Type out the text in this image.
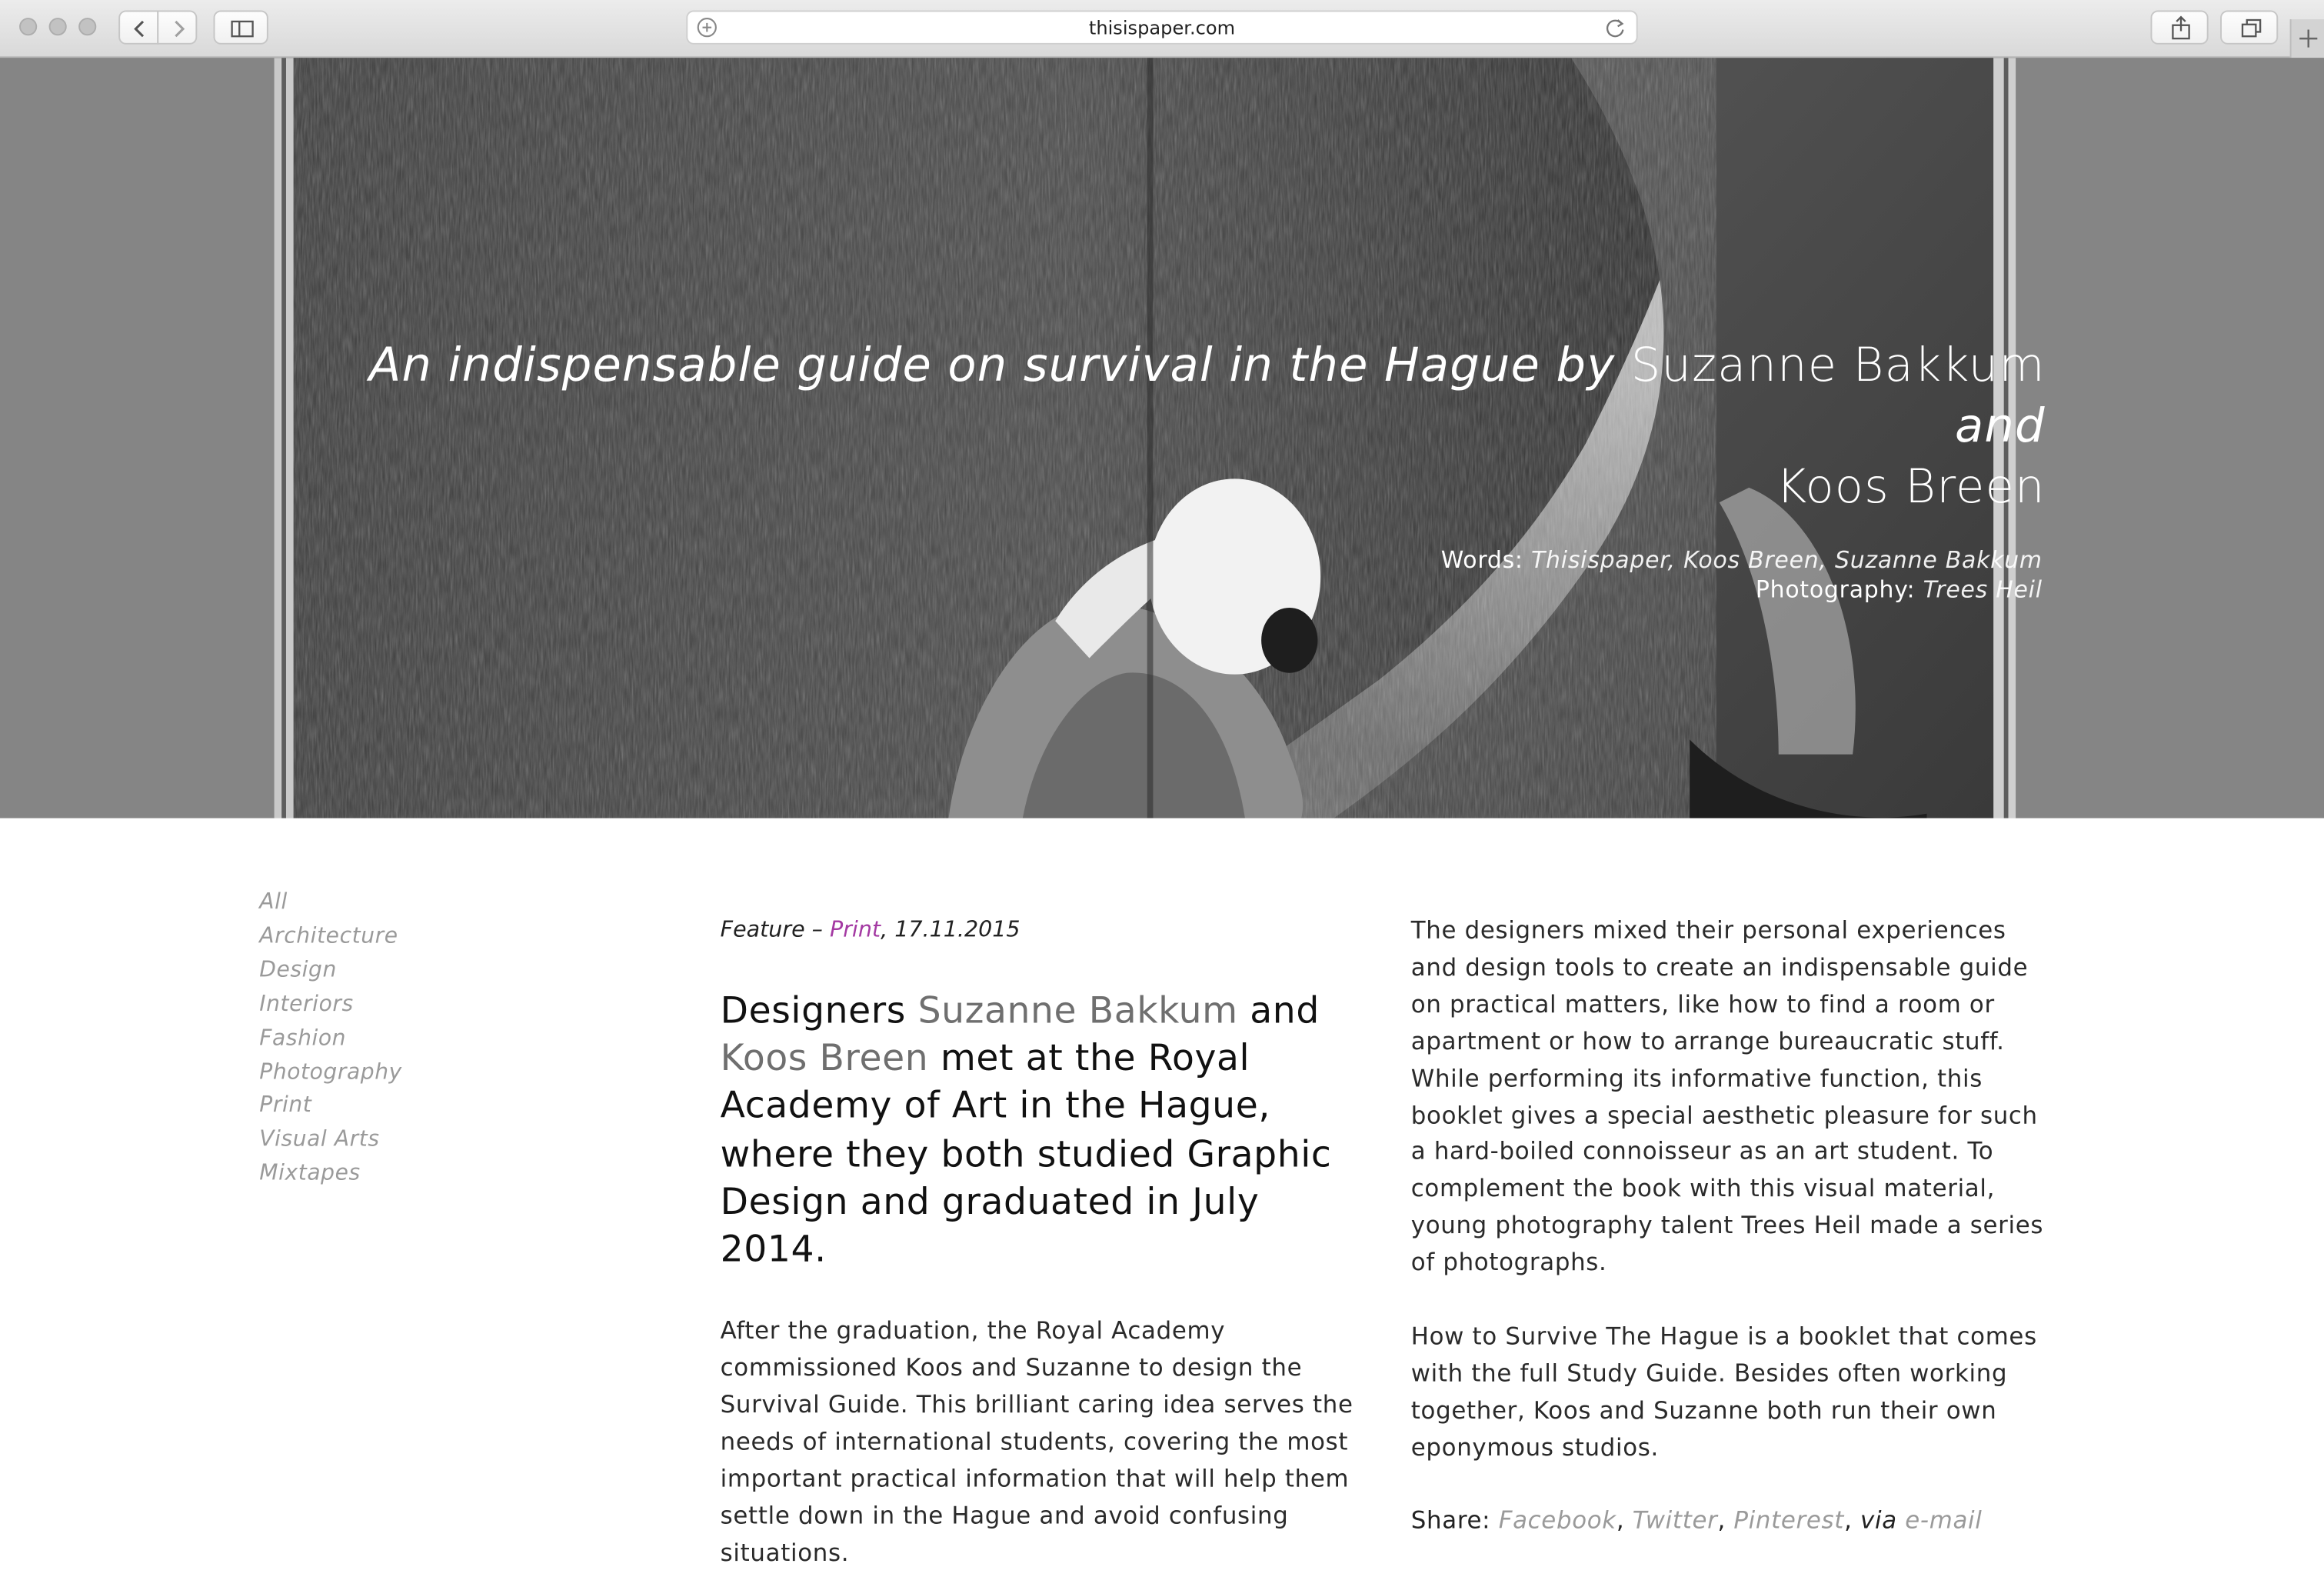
thisispaper.com
An indispensable guide on survival in the Hague by Suzanne Bakkum and
Koos Breen
Words: Thisispaper, Koos Breen, Suzanne Bakkum
Photography: Trees Heil
All
Architecture
Design
Interiors
Fashion
Photography
Print
Visual Arts
Mixtapes

Feature – Print, 17.11.2015

Designers Suzanne Bakkum and Koos Breen met at the Royal Academy of Art in the Hague, where they both studied Graphic Design and graduated in July 2014.

After the graduation, the Royal Academy commissioned Koos and Suzanne to design the Survival Guide. This brilliant caring idea serves the needs of international students, covering the most important practical information that will help them settle down in the Hague and avoid confusing situations.

The designers mixed their personal experiences and design tools to create an indispensable guide on practical matters, like how to find a room or apartment or how to arrange bureaucratic stuff. While performing its informative function, this booklet gives a special aesthetic pleasure for such a hard-boiled connoisseur as an art student. To complement the book with this visual material, young photography talent Trees Heil made a series of photographs.

How to Survive The Hague is a booklet that comes with the full Study Guide. Besides often working together, Koos and Suzanne both run their own eponymous studios.

Share: Facebook, Twitter, Pinterest, via e-mail
